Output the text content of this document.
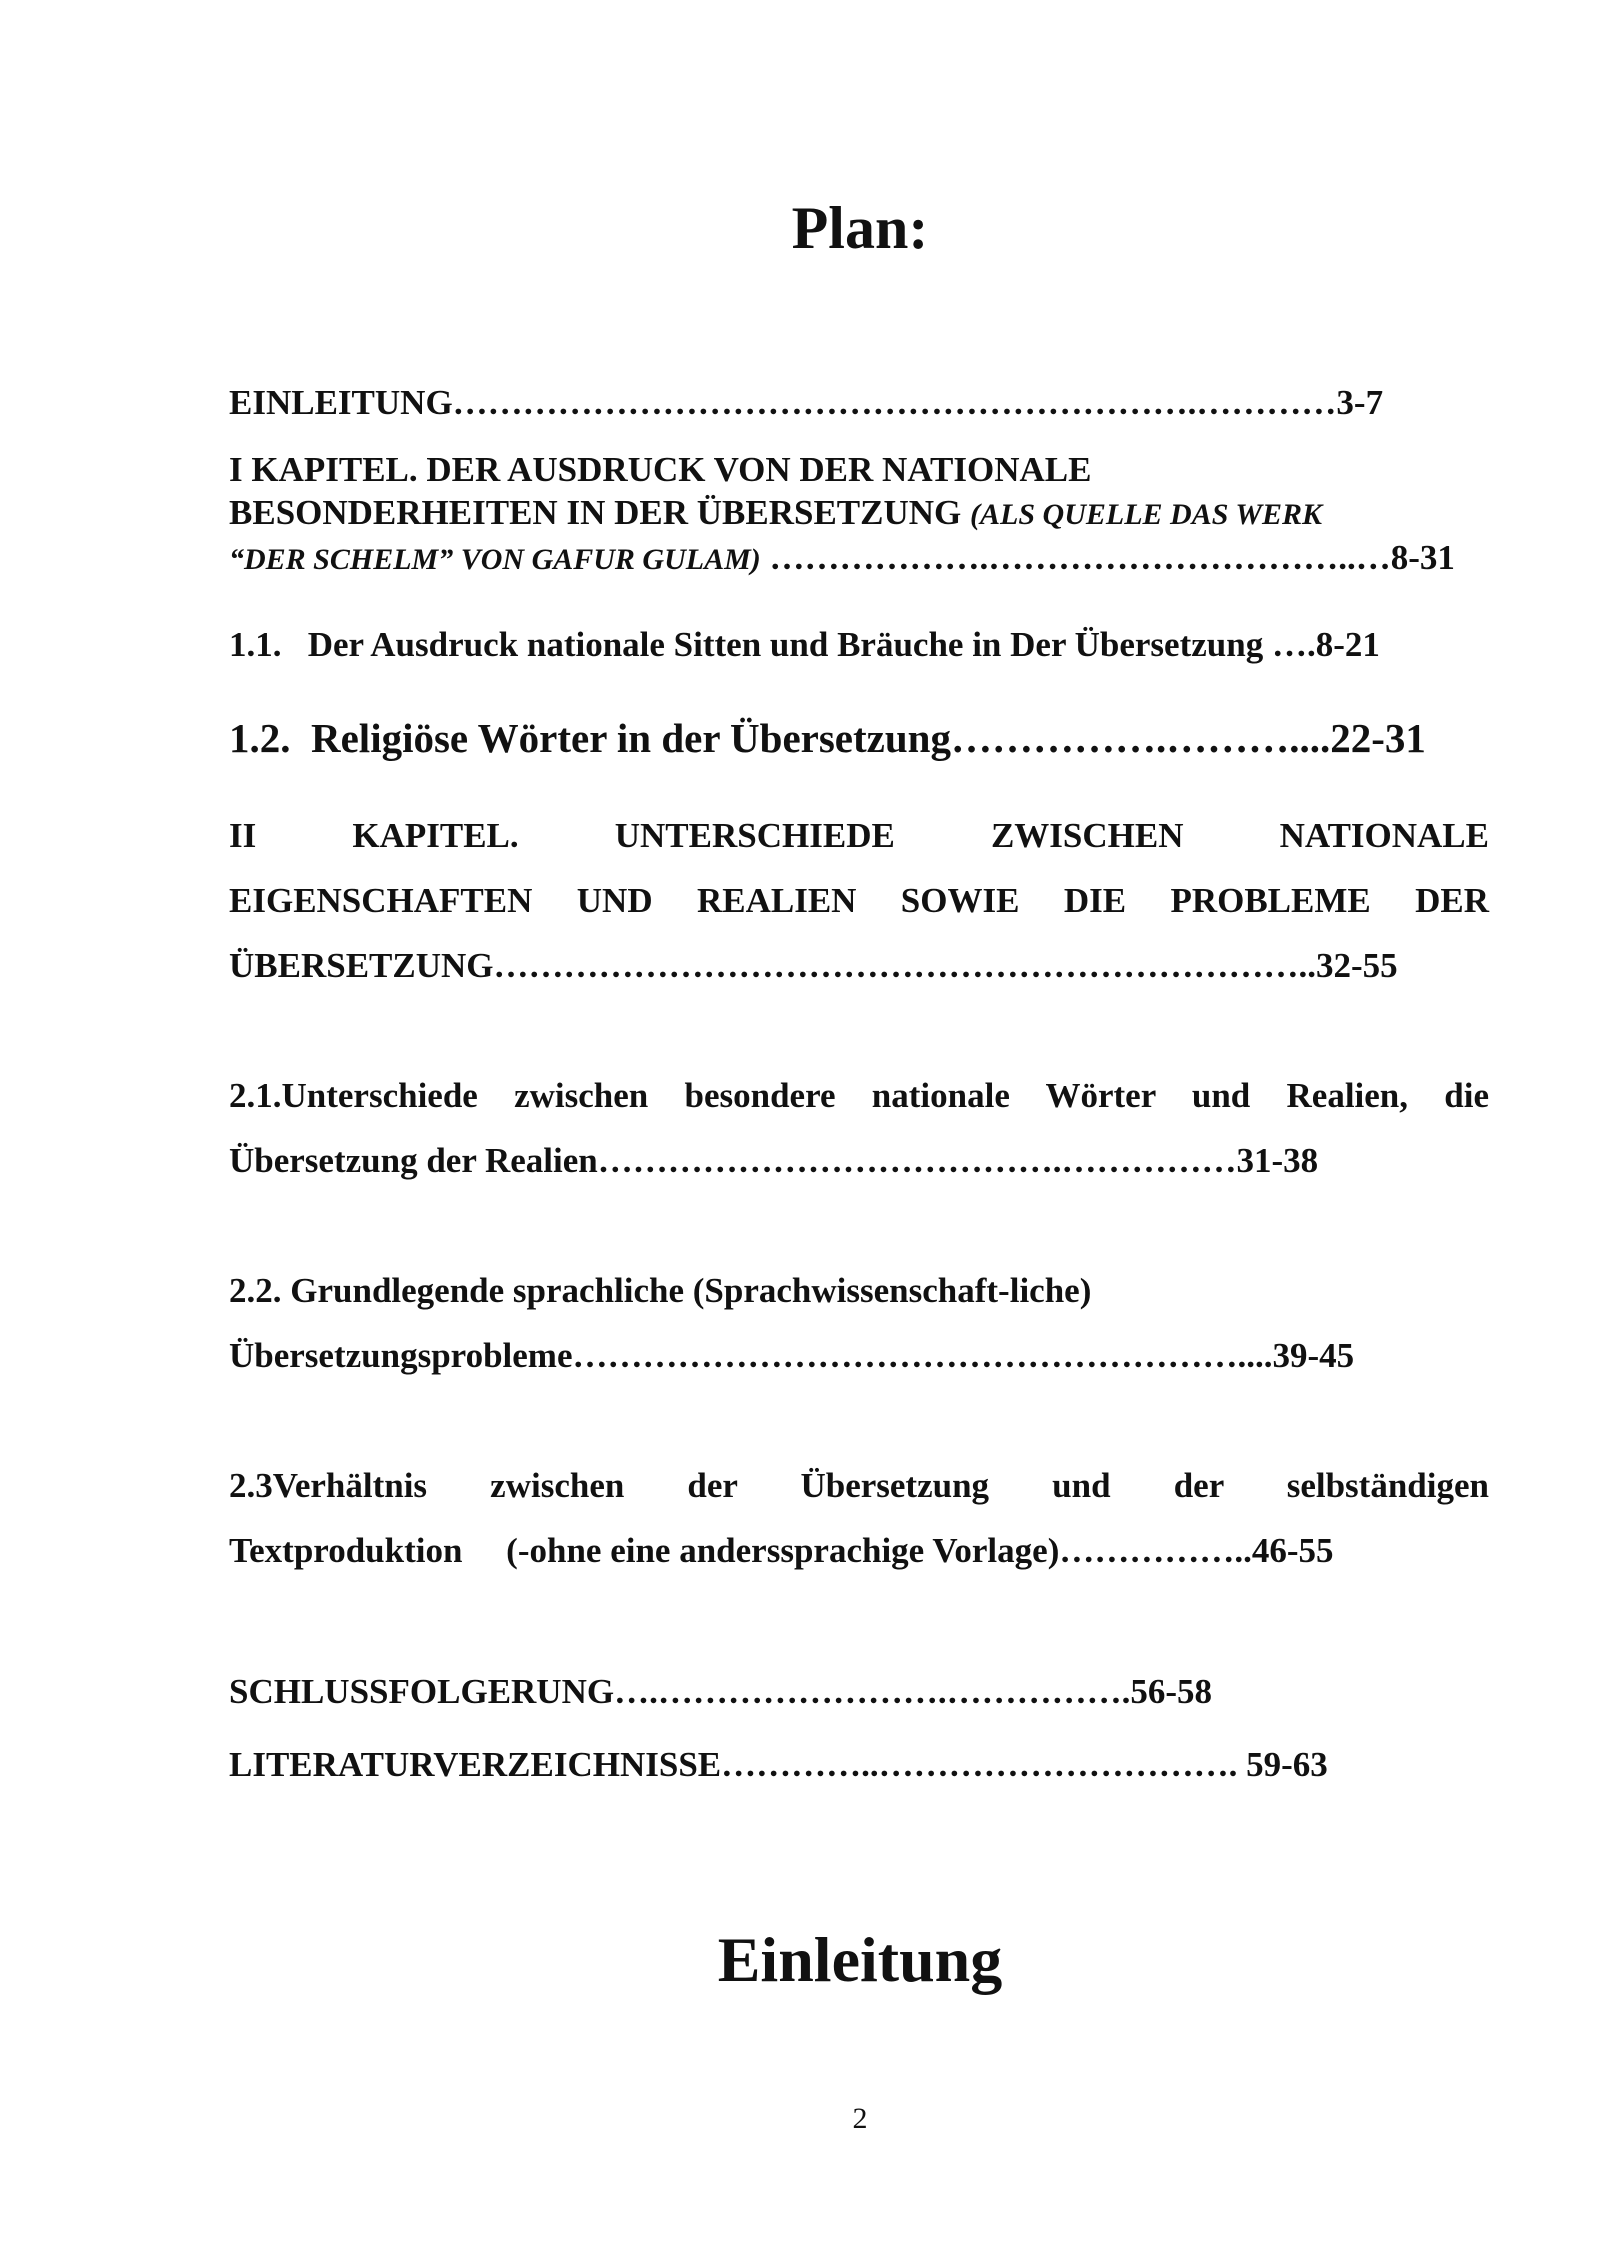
Plan:
EINLEITUNG……………………………………………………….…………3-7
I KAPITEL. DER AUSDRUCK VON DER NATIONALE
BESONDERHEITEN IN DER ÜBERSETZUNG (ALS QUELLE DAS WERK
“DER SCHELM” VON GAFUR GULAM) ……………….…………………………..…8-31
1.1.   Der Ausdruck nationale Sitten und Bräuche in Der Übersetzung ….8-21
1.2.  Religiöse Wörter in der Übersetzung…………….………....22-31
II KAPITEL. UNTERSCHIEDE ZWISCHEN NATIONALE
EIGENSCHAFTEN UND REALIEN SOWIE DIE PROBLEME DER
ÜBERSETZUNG……………………………………………………………..32-55
2.1.Unterschiede zwischen besondere nationale Wörter und Realien, die
Übersetzung der Realien………………………………….……………31-38
2.2. Grundlegende sprachliche (Sprachwissenschaft-liche)
Übersetzungsprobleme…………………………………………………....39-45
2.3Verhältnis zwischen der Übersetzung und der selbständigen
Textproduktion     (-ohne eine anderssprachige Vorlage)……………..46-55
SCHLUSSFOLGERUNG….…………………….…………….56-58
LITERATURVERZEICHNISSE…………..…………………………. 59-63
Einleitung
2
